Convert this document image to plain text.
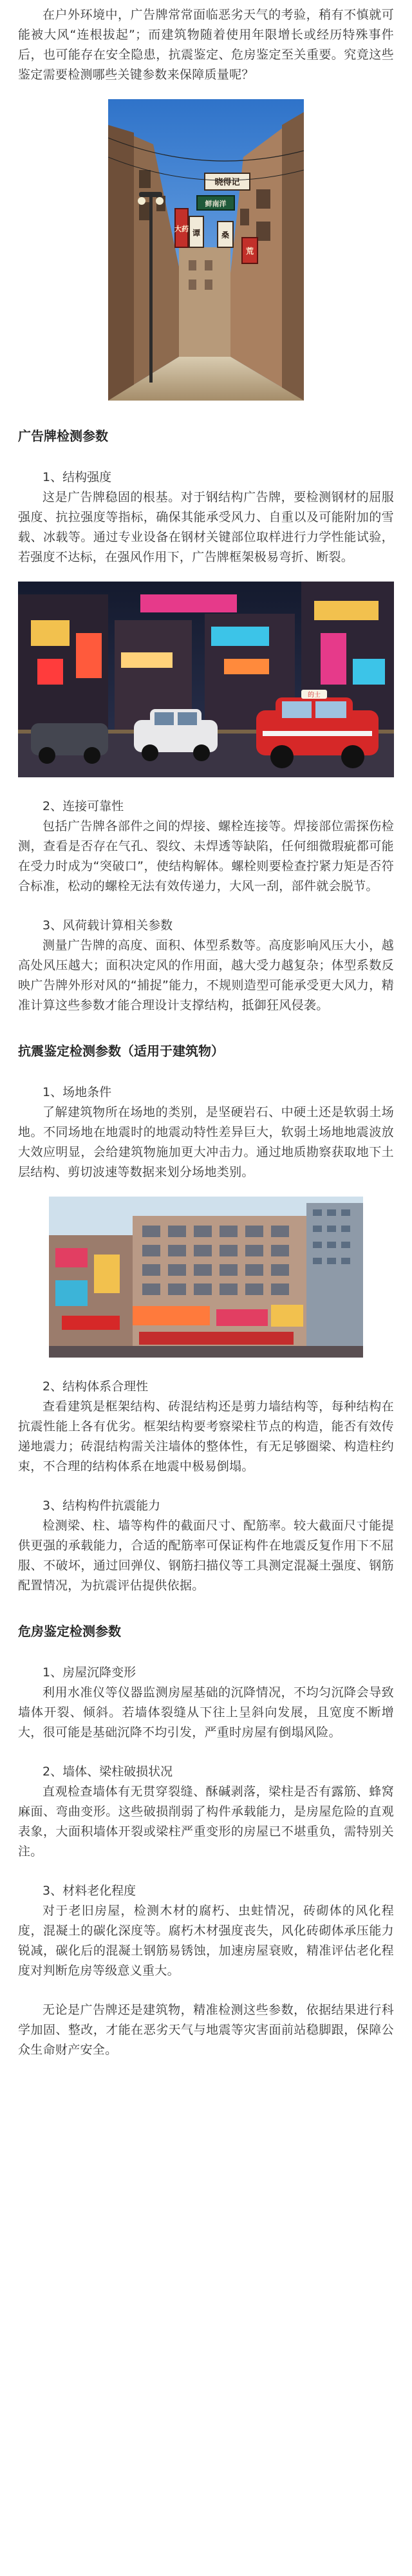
在户外环境中，广告牌常常面临恶劣天气的考验，稍有不慎就可能被大风“连根拔起”；而建筑物随着使用年限增长或经历特殊事件后，也可能存在安全隐患，抗震鉴定、危房鉴定至关重要。究竟这些鉴定需要检测哪些关键参数来保障质量呢？

晓得记
鲜南洋
大药 谭	桑
荒
广告牌检测参数
1、结构强度

这是广告牌稳固的根基。对于钢结构广告牌，要检测钢材的屈服强度、抗拉强度等指标，确保其能承受风力、自重以及可能附加的雪载、冰载等。通过专业设备在钢材关键部位取样进行力学性能试验，若强度不达标，在强风作用下，广告牌框架极易弯折、断裂。

的士
2、连接可靠性

包括广告牌各部件之间的焊接、螺栓连接等。焊接部位需探伤检测，查看是否存在气孔、裂纹、未焊透等缺陷，任何细微瑕疵都可能在受力时成为“突破口”，使结构解体。螺栓则要检查拧紧力矩是否符合标准，松动的螺栓无法有效传递力，大风一刮，部件就会脱节。

3、风荷载计算相关参数

测量广告牌的高度、面积、体型系数等。高度影响风压大小，越高处风压越大；面积决定风的作用面，越大受力越复杂；体型系数反映广告牌外形对风的“捕捉”能力，不规则造型可能承受更大风力，精准计算这些参数才能合理设计支撑结构，抵御狂风侵袭。

抗震鉴定检测参数（适用于建筑物）
1、场地条件

了解建筑物所在场地的类别，是坚硬岩石、中硬土还是软弱土场地。不同场地在地震时的地震动特性差异巨大，软弱土场地地震波放大效应明显，会给建筑物施加更大冲击力。通过地质勘察获取地下土层结构、剪切波速等数据来划分场地类别。

2、结构体系合理性

查看建筑是框架结构、砖混结构还是剪力墙结构等，每种结构在抗震性能上各有优劣。框架结构要考察梁柱节点的构造，能否有效传递地震力；砖混结构需关注墙体的整体性，有无足够圈梁、构造柱约束，不合理的结构体系在地震中极易倒塌。

3、结构构件抗震能力

检测梁、柱、墙等构件的截面尺寸、配筋率。较大截面尺寸能提供更强的承载能力，合适的配筋率可保证构件在地震反复作用下不屈服、不破坏，通过回弹仪、钢筋扫描仪等工具测定混凝土强度、钢筋配置情况，为抗震评估提供依据。

危房鉴定检测参数
1、房屋沉降变形

利用水准仪等仪器监测房屋基础的沉降情况，不均匀沉降会导致墙体开裂、倾斜。若墙体裂缝从下往上呈斜向发展，且宽度不断增大，很可能是基础沉降不均引发，严重时房屋有倒塌风险。

2、墙体、梁柱破损状况

直观检查墙体有无贯穿裂缝、酥碱剥落，梁柱是否有露筋、蜂窝麻面、弯曲变形。这些破损削弱了构件承载能力，是房屋危险的直观表象，大面积墙体开裂或梁柱严重变形的房屋已不堪重负，需特别关注。

3、材料老化程度

对于老旧房屋，检测木材的腐朽、虫蛀情况，砖砌体的风化程度，混凝土的碳化深度等。腐朽木材强度丧失，风化砖砌体承压能力锐减，碳化后的混凝土钢筋易锈蚀，加速房屋衰败，精准评估老化程度对判断危房等级意义重大。

无论是广告牌还是建筑物，精准检测这些参数，依据结果进行科学加固、整改，才能在恶劣天气与地震等灾害面前站稳脚跟，保障公众生命财产安全。
